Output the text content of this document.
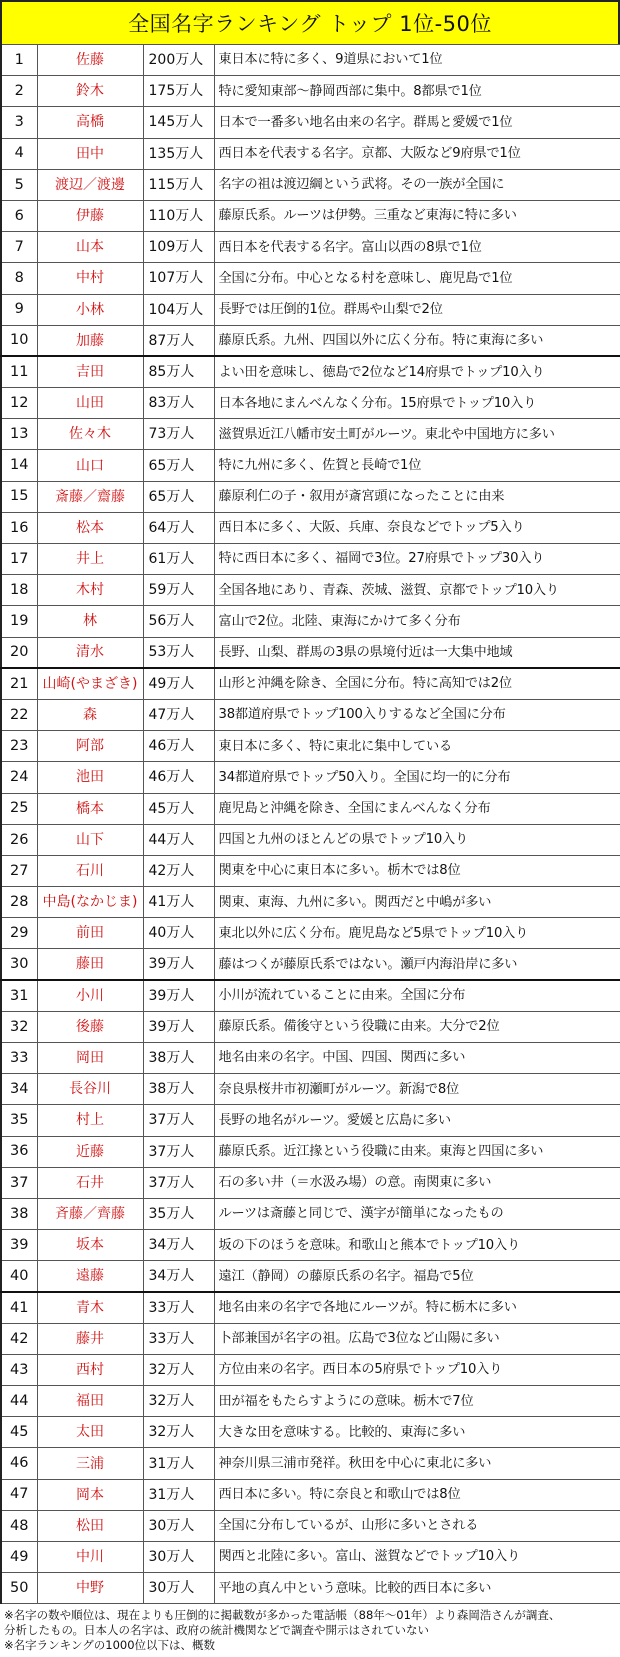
全国名字ランキング トップ 1位-50位
1	佐藤	200万人	東日本に特に多く、9道県において1位
2	鈴木	175万人	特に愛知東部～静岡西部に集中。8都県で1位
3	高橋	145万人	日本で一番多い地名由来の名字。群馬と愛媛で1位
4	田中	135万人	西日本を代表する名字。京都、大阪など9府県で1位
5	渡辺／渡邊	115万人	名字の祖は渡辺綱という武将。その一族が全国に
6	伊藤	110万人	藤原氏系。ルーツは伊勢。三重など東海に特に多い
7	山本	109万人	西日本を代表する名字。富山以西の8県で1位
8	中村	107万人	全国に分布。中心となる村を意味し、鹿児島で1位
9	小林	104万人	長野では圧倒的1位。群馬や山梨で2位
10	加藤	87万人	藤原氏系。九州、四国以外に広く分布。特に東海に多い
11	吉田	85万人	よい田を意味し、徳島で2位など14府県でトップ10入り
12	山田	83万人	日本各地にまんべんなく分布。15府県でトップ10入り
13	佐々木	73万人	滋賀県近江八幡市安土町がルーツ。東北や中国地方に多い
14	山口	65万人	特に九州に多く、佐賀と長崎で1位
15	斎藤／齋藤	65万人	藤原利仁の子・叙用が斎宮頭になったことに由来
16	松本	64万人	西日本に多く、大阪、兵庫、奈良などでトップ5入り
17	井上	61万人	特に西日本に多く、福岡で3位。27府県でトップ30入り
18	木村	59万人	全国各地にあり、青森、茨城、滋賀、京都でトップ10入り
19	林	56万人	富山で2位。北陸、東海にかけて多く分布
20	清水	53万人	長野、山梨、群馬の3県の県境付近は一大集中地域
21	山崎(やまざき)	49万人	山形と沖縄を除き、全国に分布。特に高知では2位
22	森	47万人	38都道府県でトップ100入りするなど全国に分布
23	阿部	46万人	東日本に多く、特に東北に集中している
24	池田	46万人	34都道府県でトップ50入り。全国に均一的に分布
25	橋本	45万人	鹿児島と沖縄を除き、全国にまんべんなく分布
26	山下	44万人	四国と九州のほとんどの県でトップ10入り
27	石川	42万人	関東を中心に東日本に多い。栃木では8位
28	中島(なかじま)	41万人	関東、東海、九州に多い。関西だと中嶋が多い
29	前田	40万人	東北以外に広く分布。鹿児島など5県でトップ10入り
30	藤田	39万人	藤はつくが藤原氏系ではない。瀬戸内海沿岸に多い
31	小川	39万人	小川が流れていることに由来。全国に分布
32	後藤	39万人	藤原氏系。備後守という役職に由来。大分で2位
33	岡田	38万人	地名由来の名字。中国、四国、関西に多い
34	長谷川	38万人	奈良県桜井市初瀬町がルーツ。新潟で8位
35	村上	37万人	長野の地名がルーツ。愛媛と広島に多い
36	近藤	37万人	藤原氏系。近江掾という役職に由来。東海と四国に多い
37	石井	37万人	石の多い井（＝水汲み場）の意。南関東に多い
38	斉藤／齊藤	35万人	ルーツは斎藤と同じで、漢字が簡単になったもの
39	坂本	34万人	坂の下のほうを意味。和歌山と熊本でトップ10入り
40	遠藤	34万人	遠江（静岡）の藤原氏系の名字。福島で5位
41	青木	33万人	地名由来の名字で各地にルーツが。特に栃木に多い
42	藤井	33万人	卜部兼国が名字の祖。広島で3位など山陽に多い
43	西村	32万人	方位由来の名字。西日本の5府県でトップ10入り
44	福田	32万人	田が福をもたらすようにの意味。栃木で7位
45	太田	32万人	大きな田を意味する。比較的、東海に多い
46	三浦	31万人	神奈川県三浦市発祥。秋田を中心に東北に多い
47	岡本	31万人	西日本に多い。特に奈良と和歌山では8位
48	松田	30万人	全国に分布しているが、山形に多いとされる
49	中川	30万人	関西と北陸に多い。富山、滋賀などでトップ10入り
50	中野	30万人	平地の真ん中という意味。比較的西日本に多い
※名字の数や順位は、現在よりも圧倒的に掲載数が多かった電話帳（88年～01年）より森岡浩さんが調査、
分析したもの。日本人の名字は、政府の統計機関などで調査や開示はされていない
※名字ランキングの1000位以下は、概数
